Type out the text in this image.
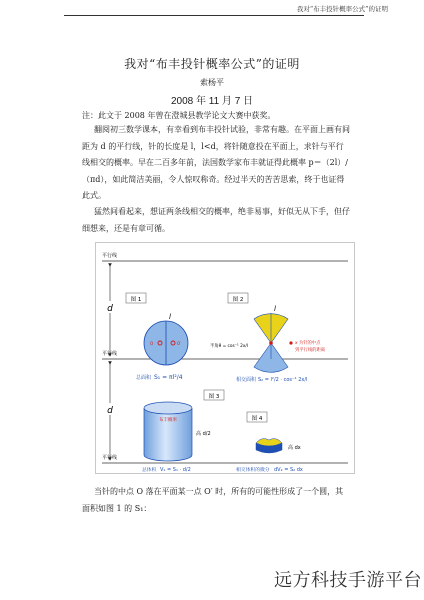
我对“布丰投针概率公式”的证明
我对“布丰投针概率公式”的证明
索杨平
2008 年 11 月 7 日
注：此文于 2008 年曾在澄城县教学论文大赛中获奖。

翻阅初三数学课本，有幸看到布丰投针试验，非常有趣。在平面上画有间距为 d 的平行线，针的长度是 l，l<d，将针随意投在平面上，求针与平行线相交的概率。早在二百多年前，法国数学家布丰就证得此概率 p＝（2l）/（πd），如此简洁美丽，令人惊叹称奇。经过半天的苦苦思索，终于也证得此式。

猛然间看起来，想证两条线相交的概率，绝非易事，好似无从下手，但仔细想来，还是有章可循。

平行线
平行线
平行线
d
d
图 1
l
O	O′
总面积 S₁ = πl²/4
图 2
l
半角θ = cos⁻¹ 2x/l
x 为针的中点
到平行线的距离
相交面积 S₂ = l²/2 · cos⁻¹ 2x/l
图 3
布丰概率
高 d/2
总体积 V₁ = S₁ · d/2
图 4
高 dx
相交体积的微分 dV₂ = S₂ dx

当针的中点 O 落在平面某一点 O′ 时，所有的可能性形成了一个圆，其面积如图 1 的 S₁：

远方科技手游平台
